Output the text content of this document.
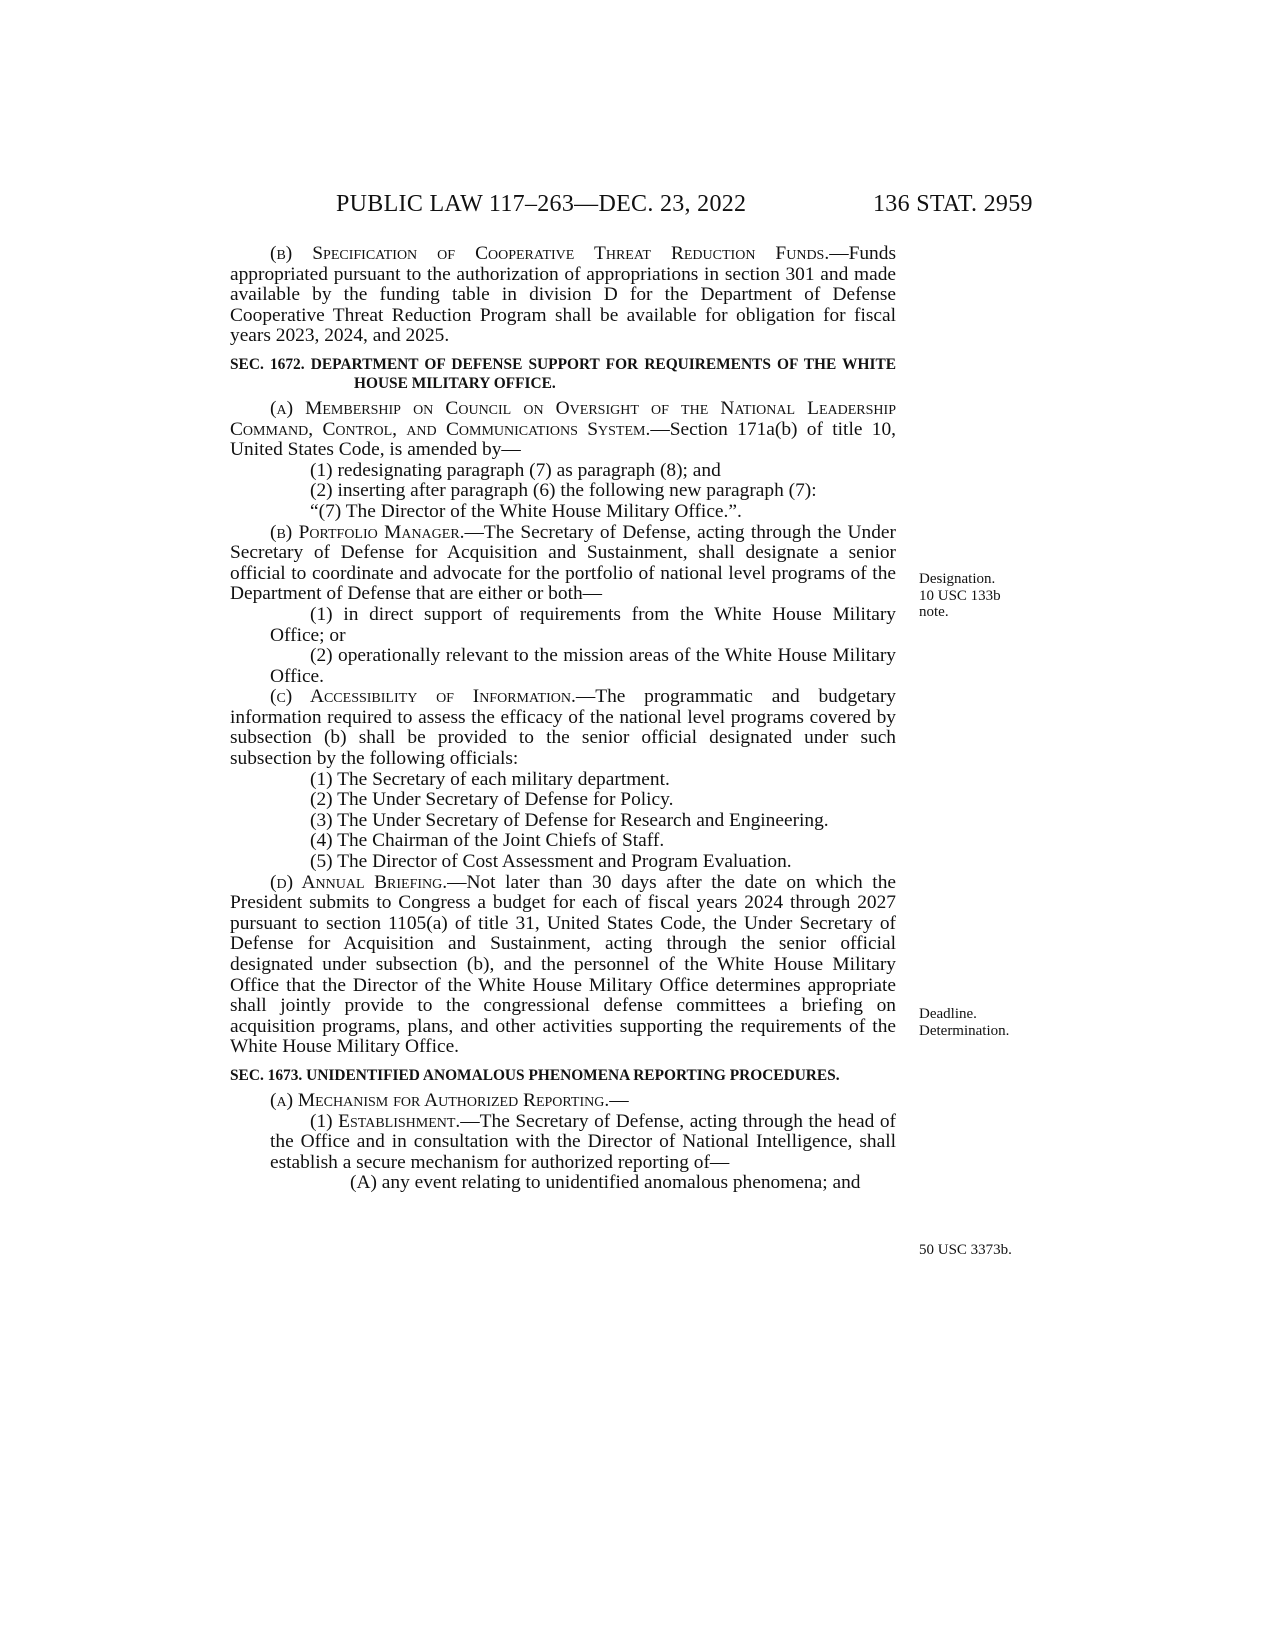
PUBLIC LAW 117–263—DEC. 23, 2022	136 STAT. 2959

(b) Specification of Cooperative Threat Reduction Funds.—Funds appropriated pursuant to the authorization of appropriations in section 301 and made available by the funding table in division D for the Department of Defense Cooperative Threat Reduction Program shall be available for obligation for fiscal years 2023, 2024, and 2025.

SEC. 1672. DEPARTMENT OF DEFENSE SUPPORT FOR REQUIREMENTS OF THE WHITE HOUSE MILITARY OFFICE.

(a) Membership on Council on Oversight of the National Leadership Command, Control, and Communications System.—Section 171a(b) of title 10, United States Code, is amended by—

(1) redesignating paragraph (7) as paragraph (8); and

(2) inserting after paragraph (6) the following new paragraph (7):

“(7) The Director of the White House Military Office.”.

(b) Portfolio Manager.—The Secretary of Defense, acting through the Under Secretary of Defense for Acquisition and Sustainment, shall designate a senior official to coordinate and advocate for the portfolio of national level programs of the Department of Defense that are either or both—

(1) in direct support of requirements from the White House Military Office; or

(2) operationally relevant to the mission areas of the White House Military Office.

(c) Accessibility of Information.—The programmatic and budgetary information required to assess the efficacy of the national level programs covered by subsection (b) shall be provided to the senior official designated under such subsection by the following officials:

(1) The Secretary of each military department.

(2) The Under Secretary of Defense for Policy.

(3) The Under Secretary of Defense for Research and Engineering.

(4) The Chairman of the Joint Chiefs of Staff.

(5) The Director of Cost Assessment and Program Evaluation.

(d) Annual Briefing.—Not later than 30 days after the date on which the President submits to Congress a budget for each of fiscal years 2024 through 2027 pursuant to section 1105(a) of title 31, United States Code, the Under Secretary of Defense for Acquisition and Sustainment, acting through the senior official designated under subsection (b), and the personnel of the White House Military Office that the Director of the White House Military Office determines appropriate shall jointly provide to the congressional defense committees a briefing on acquisition programs, plans, and other activities supporting the requirements of the White House Military Office.

SEC. 1673. UNIDENTIFIED ANOMALOUS PHENOMENA REPORTING PROCEDURES.

(a) Mechanism for Authorized Reporting.—

(1) Establishment.—The Secretary of Defense, acting through the head of the Office and in consultation with the Director of National Intelligence, shall establish a secure mechanism for authorized reporting of—

(A) any event relating to unidentified anomalous phenomena; and

Designation.
10 USC 133b
note.
Deadline.
Determination.
50 USC 3373b.
